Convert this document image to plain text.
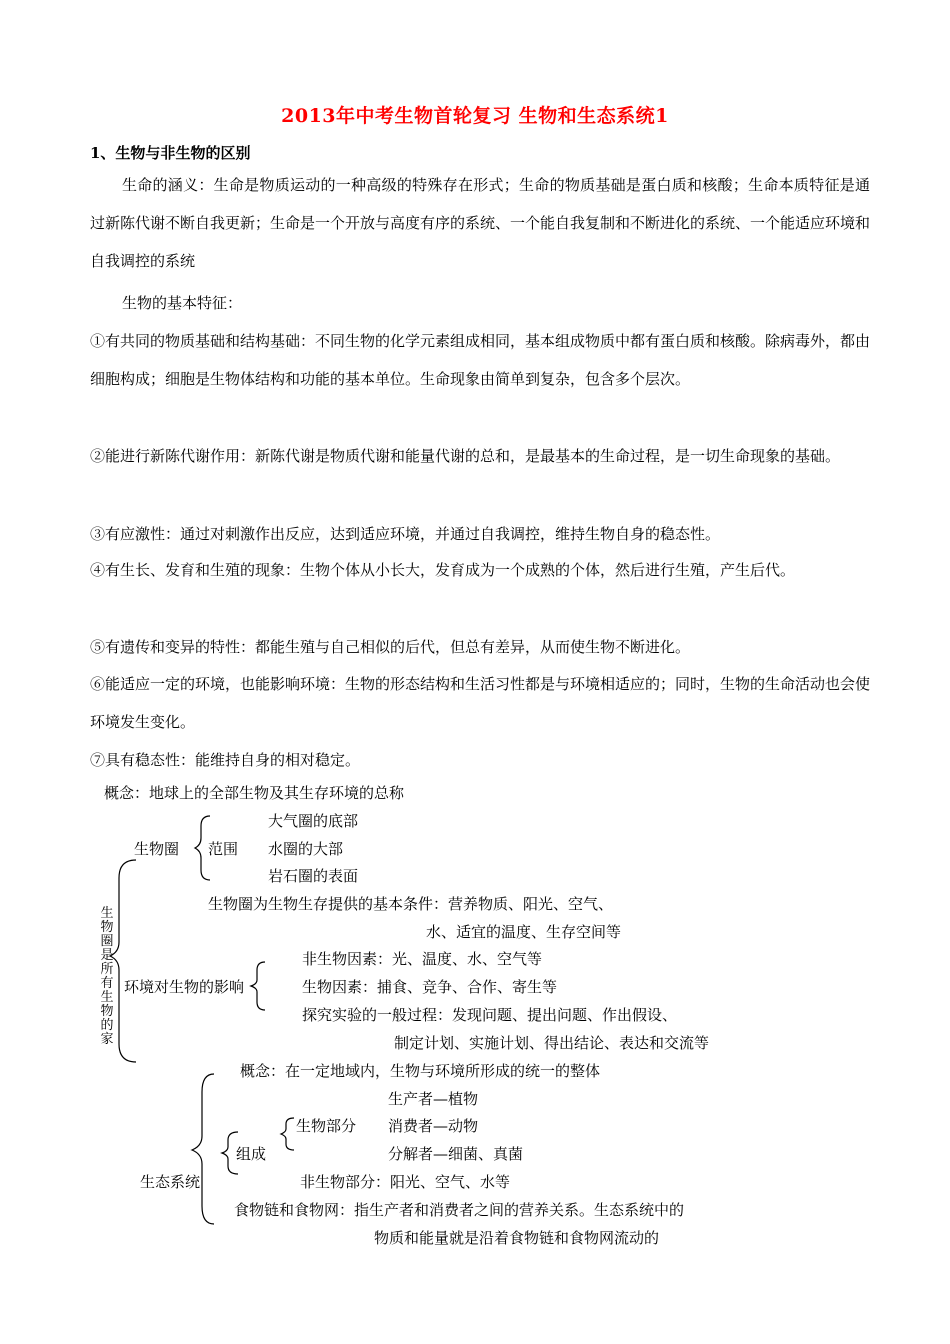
2013年中考生物首轮复习 生物和生态系统1
1、生物与非生物的区别
生命的涵义：生命是物质运动的一种高级的特殊存在形式；生命的物质基础是蛋白质和核酸；生命本质特征是通过新陈代谢不断自我更新；生命是一个开放与高度有序的系统、一个能自我复制和不断进化的系统、一个能适应环境和自我调控的系统
生物的基本特征：
①有共同的物质基础和结构基础：不同生物的化学元素组成相同，基本组成物质中都有蛋白质和核酸。除病毒外，都由细胞构成；细胞是生物体结构和功能的基本单位。生命现象由简单到复杂，包含多个层次。
②能进行新陈代谢作用：新陈代谢是物质代谢和能量代谢的总和，是最基本的生命过程，是一切生命现象的基础。
③有应激性：通过对刺激作出反应，达到适应环境，并通过自我调控，维持生物自身的稳态性。
④有生长、发育和生殖的现象：生物个体从小长大，发育成为一个成熟的个体，然后进行生殖，产生后代。
⑤有遗传和变异的特性：都能生殖与自己相似的后代，但总有差异，从而使生物不断进化。
⑥能适应一定的环境，也能影响环境：生物的形态结构和生活习性都是与环境相适应的；同时，生物的生命活动也会使环境发生变化。
⑦具有稳态性：能维持自身的相对稳定。
概念：地球上的全部生物及其生存环境的总称
生物圈是所有生物的家
生物圈 范围
大气圈的底部
水圈的大部
岩石圈的表面
生物圈为生物生存提供的基本条件：营养物质、阳光、空气、
水、适宜的温度、生存空间等
环境对生物的影响
非生物因素：光、温度、水、空气等
生物因素：捕食、竞争、合作、寄生等
探究实验的一般过程：发现问题、提出问题、作出假设、
制定计划、实施计划、得出结论、表达和交流等
生态系统
概念：在一定地域内，生物与环境所形成的统一的整体
组成
生物部分
生产者—植物
消费者—动物
分解者—细菌、真菌
非生物部分：阳光、空气、水等
食物链和食物网：指生产者和消费者之间的营养关系。生态系统中的
物质和能量就是沿着食物链和食物网流动的
